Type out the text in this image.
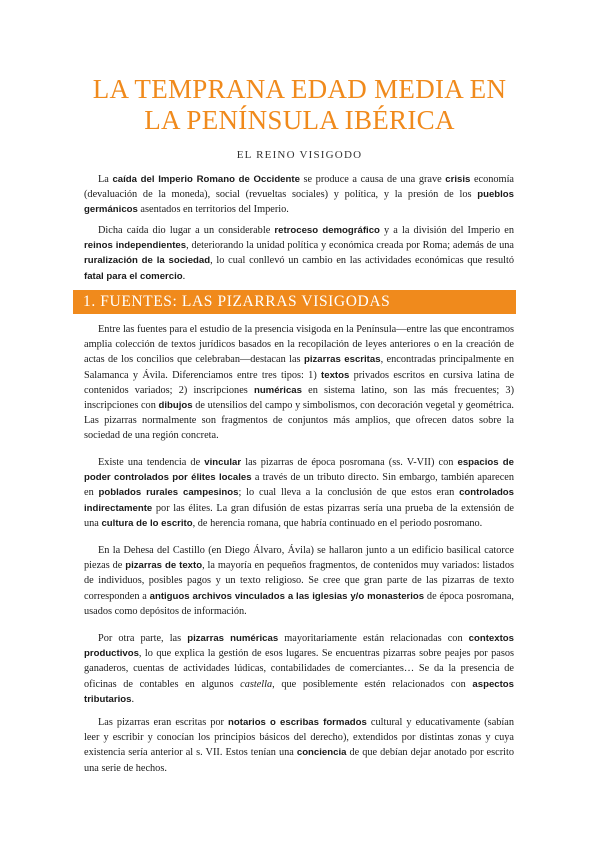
LA TEMPRANA EDAD MEDIA EN
LA PENÍNSULA IBÉRICA
EL REINO VISIGODO

La caída del Imperio Romano de Occidente se produce a causa de una grave crisis economía (devaluación de la moneda), social (revueltas sociales) y política, y la presión de los pueblos germánicos asentados en territorios del Imperio.

Dicha caída dio lugar a un considerable retroceso demográfico y a la división del Imperio en reinos independientes, deteriorando la unidad política y económica creada por Roma; además de una ruralización de la sociedad, lo cual conllevó un cambio en las actividades económicas que resultó fatal para el comercio.

1. FUENTES: LAS PIZARRAS VISIGODAS

Entre las fuentes para el estudio de la presencia visigoda en la Península—entre las que encontramos amplia colección de textos jurídicos basados en la recopilación de leyes anteriores o en la creación de actas de los concilios que celebraban—destacan las pizarras escritas, encontradas principalmente en Salamanca y Ávila. Diferenciamos entre tres tipos: 1) textos privados escritos en cursiva latina de contenidos variados; 2) inscripciones numéricas en sistema latino, son las más frecuentes; 3) inscripciones con dibujos de utensilios del campo y simbolismos, con decoración vegetal y geométrica. Las pizarras normalmente son fragmentos de conjuntos más amplios, que ofrecen datos sobre la sociedad de una región concreta.

Existe una tendencia de vincular las pizarras de época posromana (ss. V-VII) con espacios de poder controlados por élites locales a través de un tributo directo. Sin embargo, también aparecen en poblados rurales campesinos; lo cual lleva a la conclusión de que estos eran controlados indirectamente por las élites. La gran difusión de estas pizarras sería una prueba de la extensión de una cultura de lo escrito, de herencia romana, que habría continuado en el periodo posromano.

En la Dehesa del Castillo (en Diego Álvaro, Ávila) se hallaron junto a un edificio basilical catorce piezas de pizarras de texto, la mayoría en pequeños fragmentos, de contenidos muy variados: listados de individuos, posibles pagos y un texto religioso. Se cree que gran parte de las pizarras de texto corresponden a antiguos archivos vinculados a las iglesias y/o monasterios de época posromana, usados como depósitos de información.

Por otra parte, las pizarras numéricas mayoritariamente están relacionadas con contextos productivos, lo que explica la gestión de esos lugares. Se encuentras pizarras sobre peajes por pasos ganaderos, cuentas de actividades lúdicas, contabilidades de comerciantes… Se da la presencia de oficinas de contables en algunos castella, que posiblemente estén relacionados con aspectos tributarios.

Las pizarras eran escritas por notarios o escribas formados cultural y educativamente (sabían leer y escribir y conocían los principios básicos del derecho), extendidos por distintas zonas y cuya existencia sería anterior al s. VII. Estos tenían una conciencia de que debían dejar anotado por escrito una serie de hechos.
